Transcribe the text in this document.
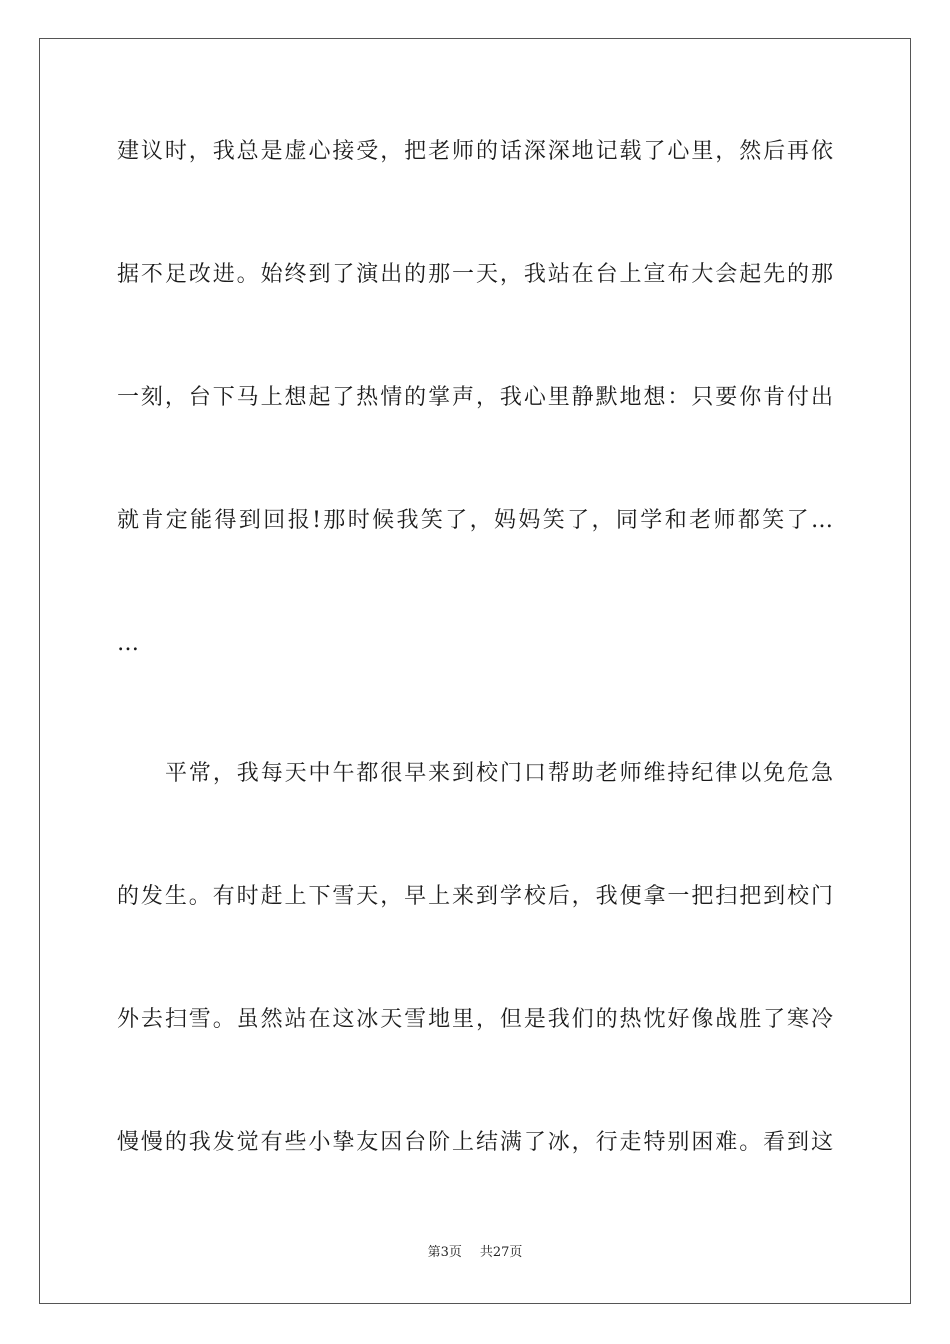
建议时，我总是虚心接受，把老师的话深深地记载了心里，然后再依
据不足改进。始终到了演出的那一天，我站在台上宣布大会起先的那
一刻，台下马上想起了热情的掌声，我心里静默地想：只要你肯付出
就肯定能得到回报!那时候我笑了，妈妈笑了，同学和老师都笑了…
…
平常，我每天中午都很早来到校门口帮助老师维持纪律以免危急
的发生。有时赶上下雪天，早上来到学校后，我便拿一把扫把到校门
外去扫雪。虽然站在这冰天雪地里，但是我们的热忱好像战胜了寒冷
慢慢的我发觉有些小挚友因台阶上结满了冰，行走特别困难。看到这
第3页 共27页
